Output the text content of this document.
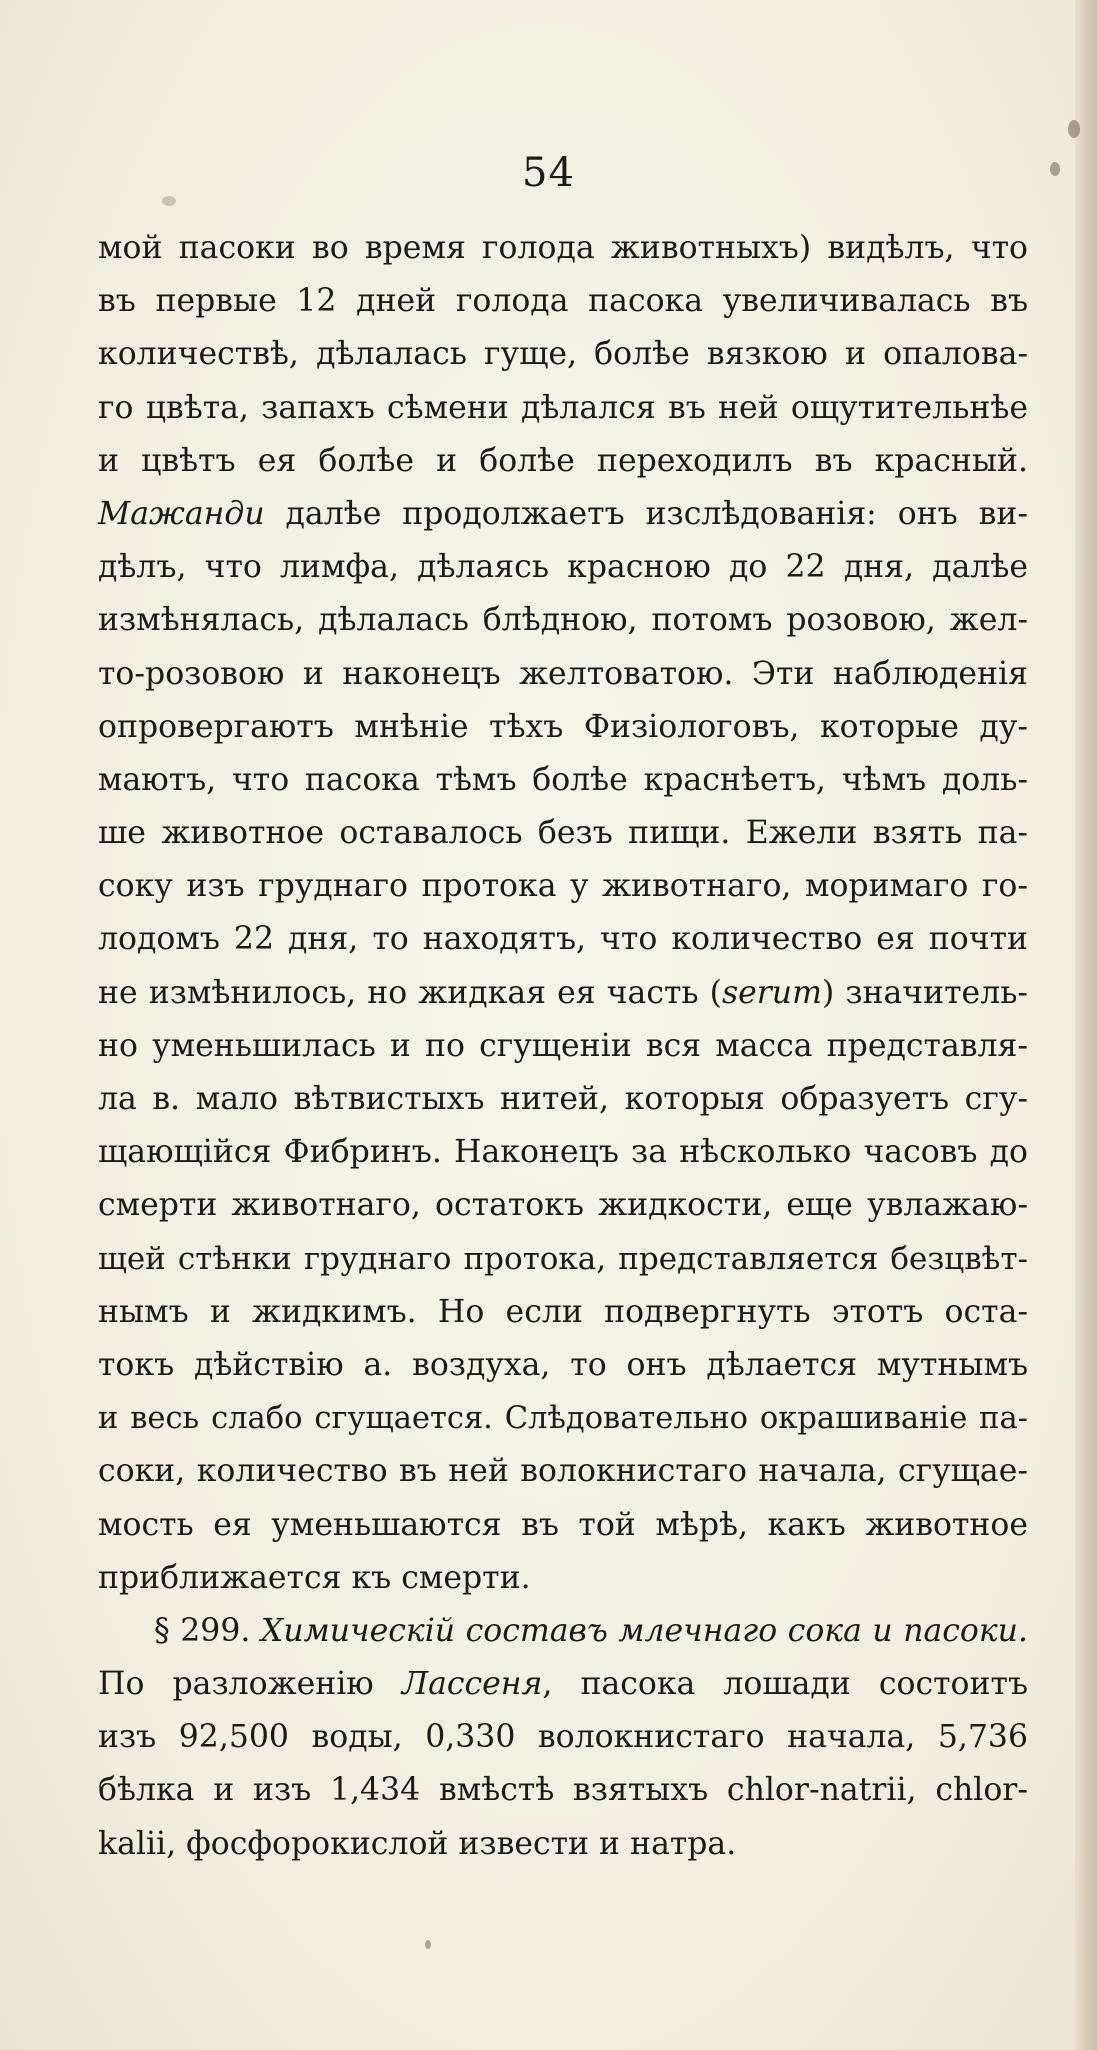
54
мой пасоки во время голода животныхъ) видѣлъ, что
въ первые 12 дней голода пасока увеличивалась въ
количествѣ, дѣлалась гуще, болѣе вязкою и опалова-
го цвѣта, запахъ сѣмени дѣлался въ ней ощутительнѣе
и цвѣтъ ея болѣе и болѣе переходилъ въ красный.
Мажанди далѣе продолжаетъ изслѣдованія: онъ ви-
дѣлъ, что лимфа, дѣлаясь красною до 22 дня, далѣе
измѣнялась, дѣлалась блѣдною, потомъ розовою, жел-
то-розовою и наконецъ желтоватою. Эти наблюденія
опровергаютъ мнѣніе тѣхъ Физіологовъ, которые ду-
маютъ, что пасока тѣмъ болѣе краснѣетъ, чѣмъ доль-
ше животное оставалось безъ пищи. Ежели взять па-
соку изъ груднаго протока у животнаго, моримаго го-
лодомъ 22 дня, то находятъ, что количество ея почти
не измѣнилось, но жидкая ея часть (serum) значитель-
но уменьшилась и по сгущеніи вся масса представля-
ла в. мало вѣтвистыхъ нитей, которыя образуетъ сгу-
щающійся Фибринъ. Наконецъ за нѣсколько часовъ до
смерти животнаго, остатокъ жидкости, еще увлажаю-
щей стѣнки груднаго протока, представляется безцвѣт-
нымъ и жидкимъ. Но если подвергнуть этотъ оста-
токъ дѣйствію а. воздуха, то онъ дѣлается мутнымъ
и весь слабо сгущается. Слѣдовательно окрашиваніе па-
соки, количество въ ней волокнистаго начала, сгущае-
мость ея уменьшаются въ той мѣрѣ, какъ животное
приближается къ смерти.
§ 299. Химическій составъ млечнаго сока и пасоки.
По разложенію Лассеня, пасока лошади состоитъ
изъ 92,500 воды, 0,330 волокнистаго начала, 5,736
бѣлка и изъ 1,434 вмѣстѣ взятыхъ chlor-natrii, chlor-
kalii, фосфорокислой извести и натра.
